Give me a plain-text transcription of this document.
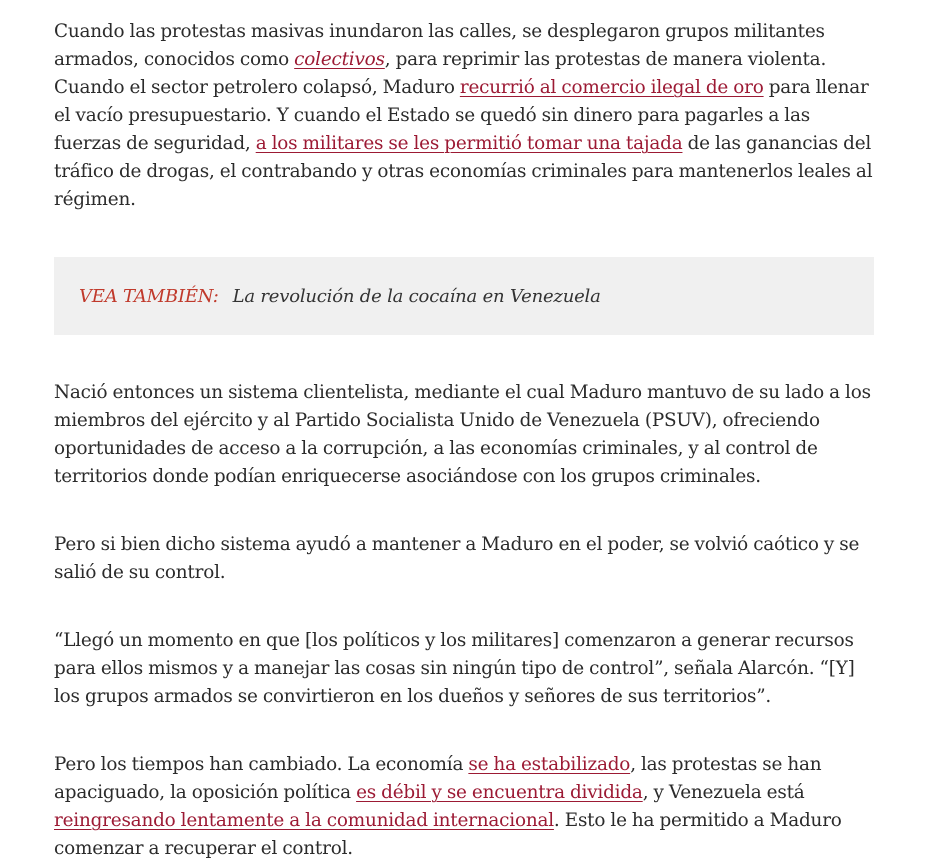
Cuando las protestas masivas inundaron las calles, se desplegaron grupos militantes armados, conocidos como colectivos, para reprimir las protestas de manera violenta. Cuando el sector petrolero colapsó, Maduro recurrió al comercio ilegal de oro para llenar el vacío presupuestario. Y cuando el Estado se quedó sin dinero para pagarles a las fuerzas de seguridad, a los militares se les permitió tomar una tajada de las ganancias del tráfico de drogas, el contrabando y otras economías criminales para mantenerlos leales al régimen.

VEA TAMBIÉN: La revolución de la cocaína en Venezuela

Nació entonces un sistema clientelista, mediante el cual Maduro mantuvo de su lado a los miembros del ejército y al Partido Socialista Unido de Venezuela (PSUV), ofreciendo oportunidades de acceso a la corrupción, a las economías criminales, y al control de territorios donde podían enriquecerse asociándose con los grupos criminales.

Pero si bien dicho sistema ayudó a mantener a Maduro en el poder, se volvió caótico y se salió de su control.

“Llegó un momento en que [los políticos y los militares] comenzaron a generar recursos para ellos mismos y a manejar las cosas sin ningún tipo de control”, señala Alarcón. “[Y] los grupos armados se convirtieron en los dueños y señores de sus territorios”.

Pero los tiempos han cambiado. La economía se ha estabilizado, las protestas se han apaciguado, la oposición política es débil y se encuentra dividida, y Venezuela está reingresando lentamente a la comunidad internacional. Esto le ha permitido a Maduro comenzar a recuperar el control.
